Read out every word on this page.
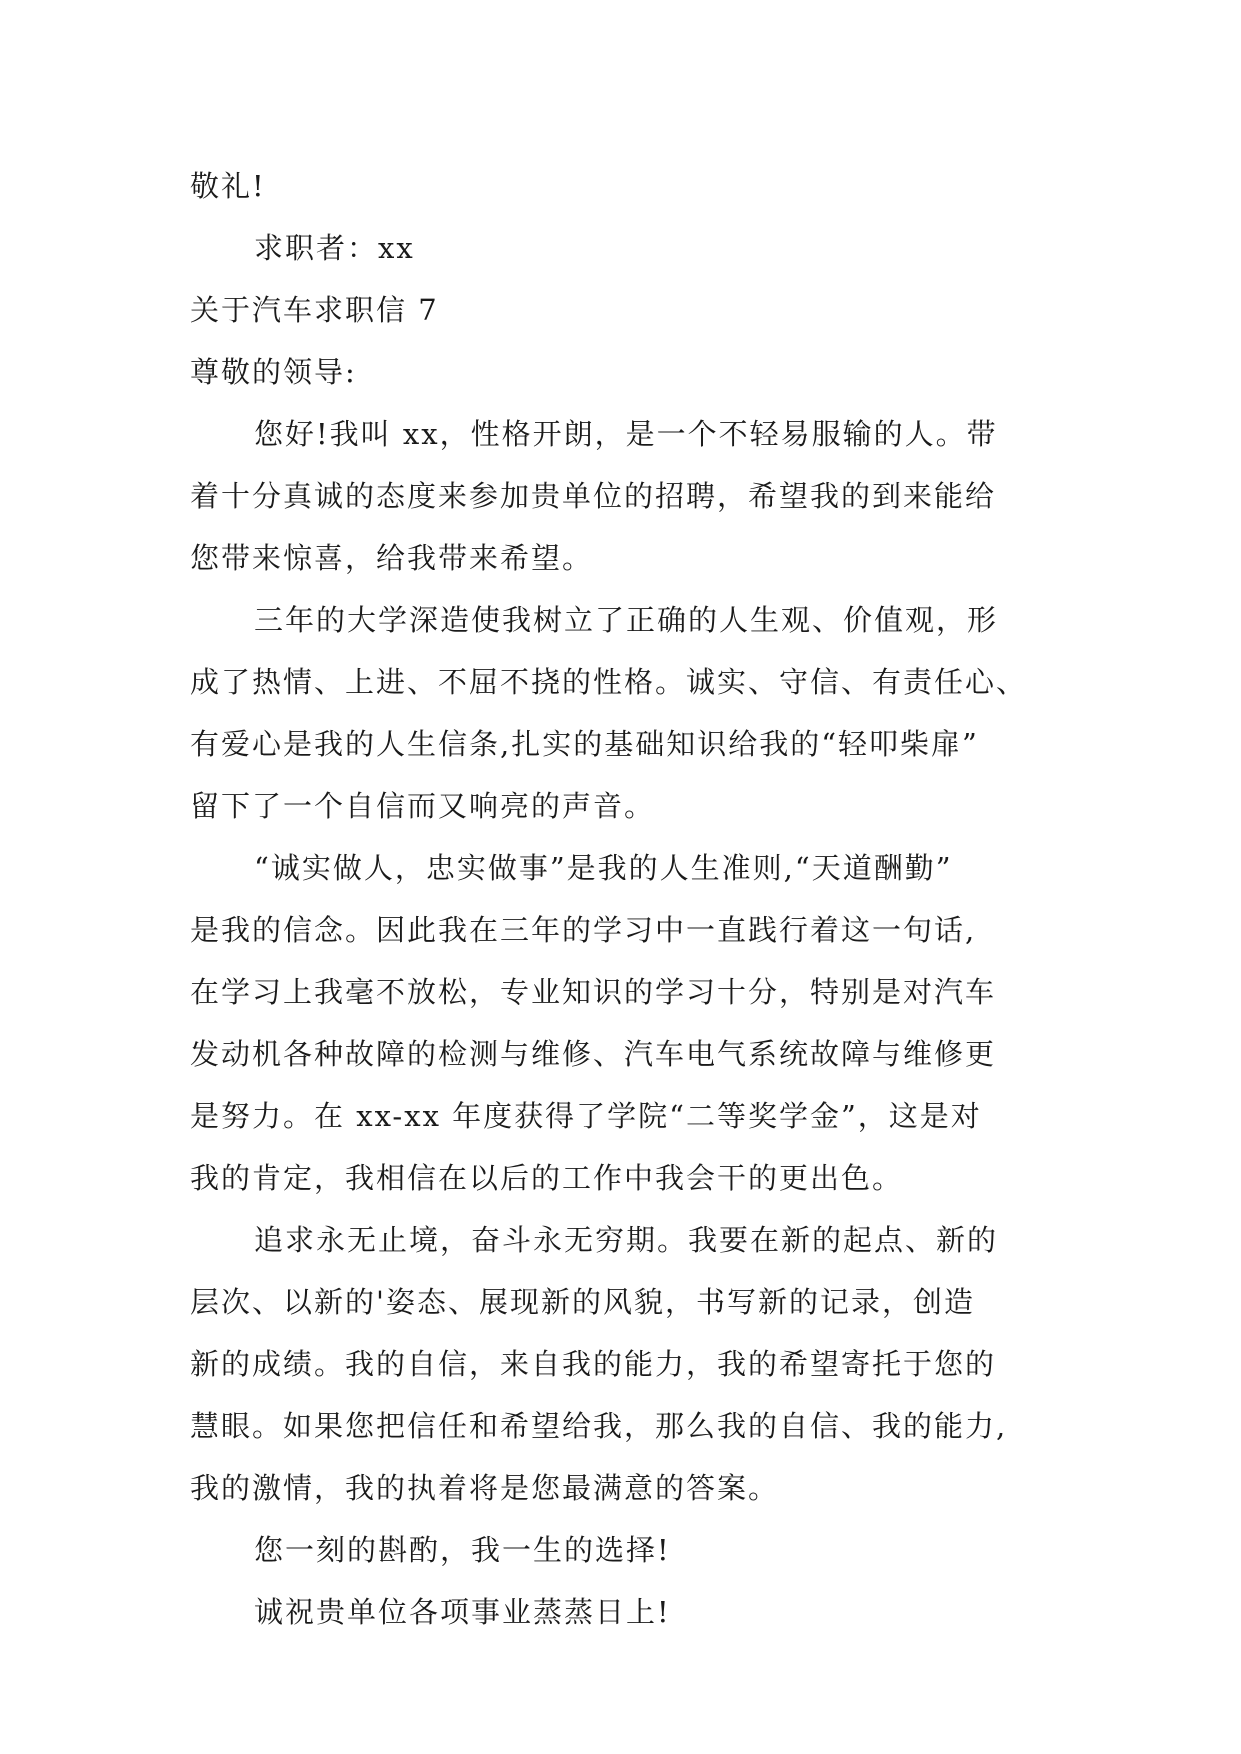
敬礼!
求职者：xx
关于汽车求职信 7
尊敬的领导:
您好!我叫 xx，性格开朗，是一个不轻易服输的人。带
着十分真诚的态度来参加贵单位的招聘，希望我的到来能给
您带来惊喜，给我带来希望。
三年的大学深造使我树立了正确的人生观、价值观，形
成了热情、上进、不屈不挠的性格。诚实、守信、有责任心、
有爱心是我的人生信条,扎实的基础知识给我的“轻叩柴扉”
留下了一个自信而又响亮的声音。
“诚实做人，忠实做事”是我的人生准则,“天道酬勤”
是我的信念。因此我在三年的学习中一直践行着这一句话,
在学习上我毫不放松，专业知识的学习十分，特别是对汽车
发动机各种故障的检测与维修、汽车电气系统故障与维修更
是努力。在 xx-xx 年度获得了学院“二等奖学金”，这是对
我的肯定，我相信在以后的工作中我会干的更出色。
追求永无止境，奋斗永无穷期。我要在新的起点、新的
层次、以新的'姿态、展现新的风貌，书写新的记录，创造
新的成绩。我的自信，来自我的能力，我的希望寄托于您的
慧眼。如果您把信任和希望给我，那么我的自信、我的能力,
我的激情，我的执着将是您最满意的答案。
您一刻的斟酌，我一生的选择!
诚祝贵单位各项事业蒸蒸日上!
